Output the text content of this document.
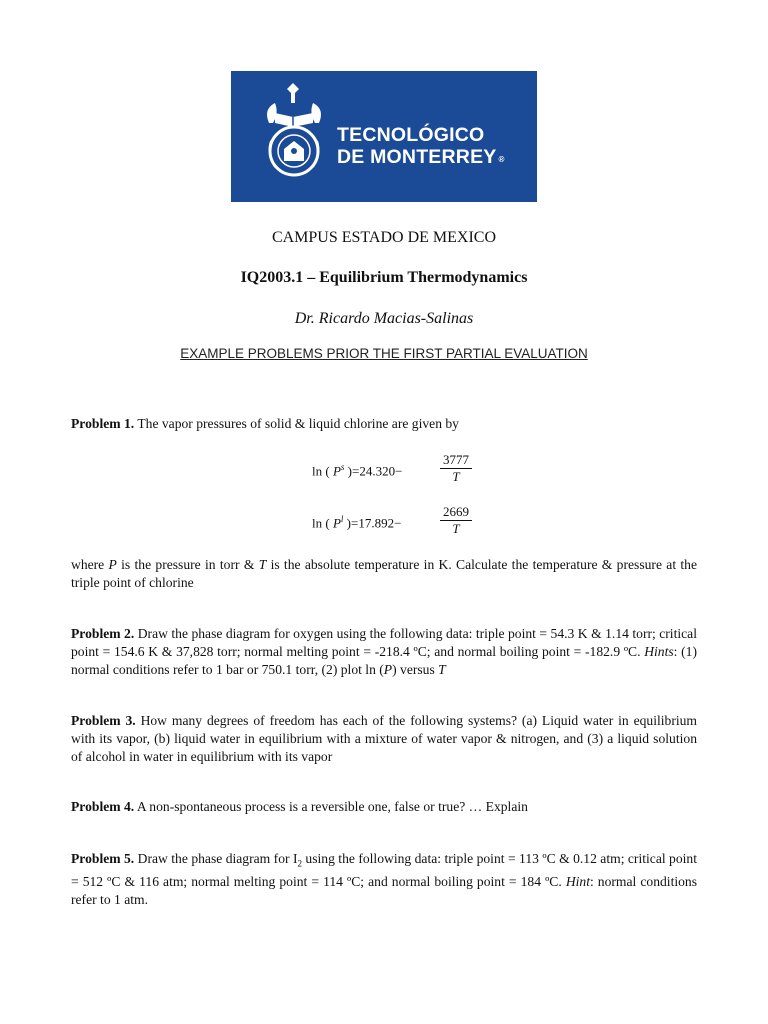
TECNOLÓGICO
DE MONTERREY ®
CAMPUS ESTADO DE MEXICO
IQ2003.1 – Equilibrium Thermodynamics
Dr. Ricardo Macias-Salinas
EXAMPLE PROBLEMS PRIOR THE FIRST PARTIAL EVALUATION
Problem 1. The vapor pressures of solid & liquid chlorine are given by
ln ( $P^s$ )=24.320−	$\frac{3777}{T}$
ln ( $P^l$ )=17.892−	$\frac{2669}{T}$
where P is the pressure in torr & T is the absolute temperature in K. Calculate the temperature & pressure at the triple point of chlorine
Problem 2. Draw the phase diagram for oxygen using the following data: triple point = 54.3 K & 1.14 torr; critical point = 154.6 K & 37,828 torr; normal melting point = -218.4 ºC; and normal boiling point = -182.9 ºC. Hints: (1) normal conditions refer to 1 bar or 750.1 torr, (2) plot ln (P) versus T
Problem 3. How many degrees of freedom has each of the following systems? (a) Liquid water in equilibrium with its vapor, (b) liquid water in equilibrium with a mixture of water vapor & nitrogen, and (3) a liquid solution of alcohol in water in equilibrium with its vapor
Problem 4. A non-spontaneous process is a reversible one, false or true? … Explain
Problem 5. Draw the phase diagram for $I_2$ using the following data: triple point = 113 ºC & 0.12 atm; critical point = 512 ºC & 116 atm; normal melting point = 114 ºC; and normal boiling point = 184 ºC. Hint: normal conditions refer to 1 atm.
